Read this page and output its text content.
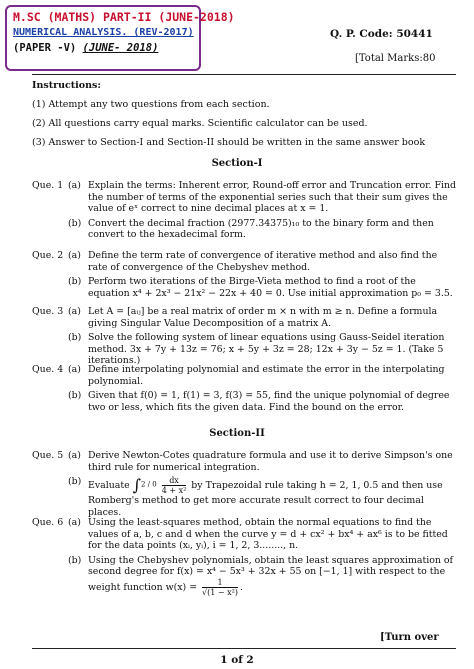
M.SC (MATHS) PART-II (JUNE-2018)
NUMERICAL ANALYSIS. (REV-2017)
(PAPER -V) (JUNE- 2018)
Q. P. Code: 50441
[Total Marks:80
Instructions:
(1) Attempt any two questions from each section.
(2) All questions carry equal marks. Scientific calculator can be used.
(3) Answer to Section-I and Section-II should be written in the same answer book
Section-I
Que. 1 (a) Explain the terms: Inherent error, Round-off error and Truncation error. Find the number of terms of the exponential series such that their sum gives the value of eˣ correct to nine decimal places at x = 1.
(b) Convert the decimal fraction (2977.34375)₁₀ to the binary form and then convert to the hexadecimal form.
Que. 2 (a) Define the term rate of convergence of iterative method and also find the rate of convergence of the Chebyshev method.
(b) Perform two iterations of the Birge-Vieta method to find a root of the equation x⁴ + 2x³ − 21x² − 22x + 40 = 0. Use initial approximation p₀ = 3.5.
Que. 3 (a) Let A = [aᵢⱼ] be a real matrix of order m × n with m ≥ n. Define a formula giving Singular Value Decomposition of a matrix A.
(b) Solve the following system of linear equations using Gauss-Seidel iteration method. 3x + 7y + 13z = 76; x + 5y + 3z = 28; 12x + 3y − 5z = 1. (Take 5 iterations.)
Que. 4 (a) Define interpolating polynomial and estimate the error in the interpolating polynomial.
(b) Given that f(0) = 1, f(1) = 3, f(3) = 55, find the unique polynomial of degree two or less, which fits the given data. Find the bound on the error.
Section-II
Que. 5 (a) Derive Newton-Cotes quadrature formula and use it to derive Simpson's one third rule for numerical integration.
(b) Evaluate $\int 2 / 0 \frac{dx}{\text{4 + x²}}$ by Trapezoidal rule taking h = 2, 1, 0.5 and then use Romberg's method to get more accurate result correct to four decimal places.
Que. 6 (a) Using the least-squares method, obtain the normal equations to find the values of a, b, c and d when the curve y = d + cx² + bx⁴ + ax⁶ is to be fitted for the data points (xᵢ, yᵢ), i = 1, 2, 3........, n.
(b) Using the Chebyshev polynomials, obtain the least squares approximation of second degree for f(x) = x⁴ − 5x³ + 32x + 55 on [−1, 1] with respect to the weight function $w(x) = \frac{1}{\text{√(1 − x²)}}$ .
[Turn over
1 of 2
